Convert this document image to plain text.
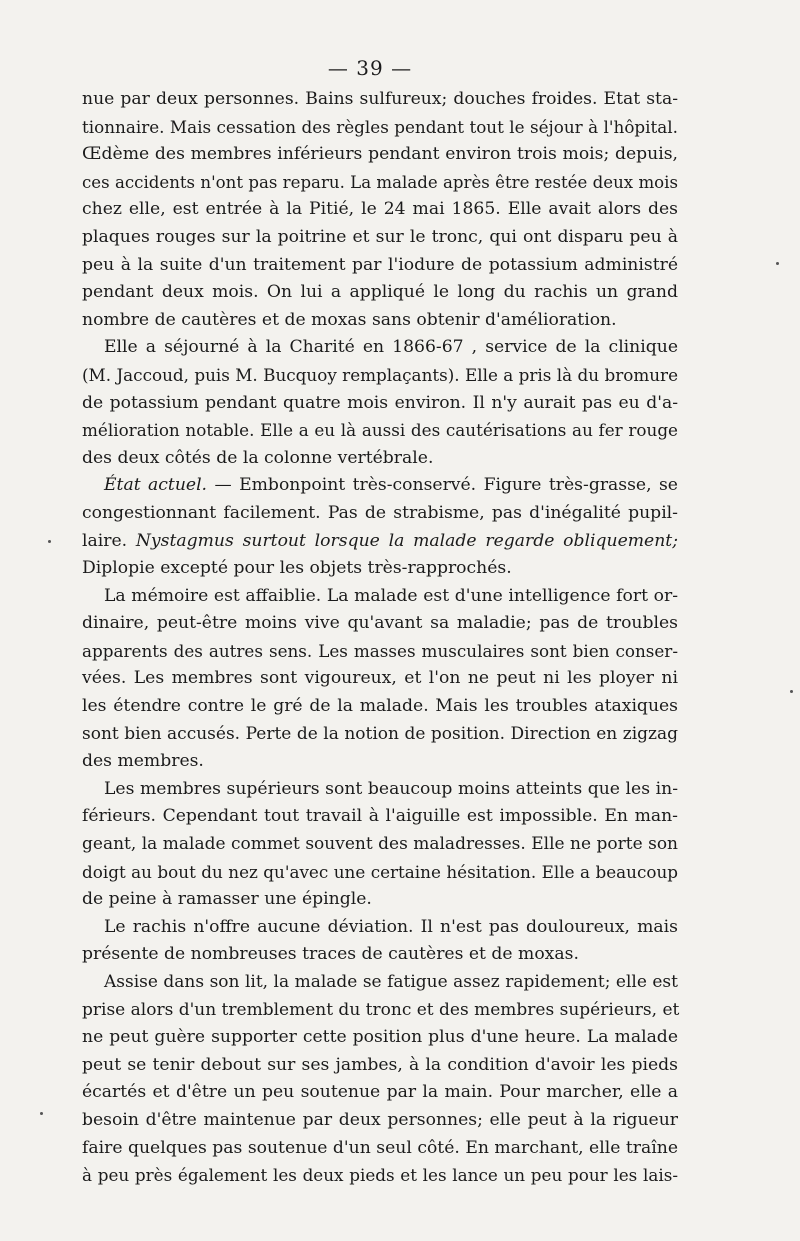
— 39 —
nue par deux personnes. Bains sulfureux; douches froides. Etat sta-
tionnaire. Mais cessation des règles pendant tout le séjour à l'hôpital.
Œdème des membres inférieurs pendant environ trois mois; depuis,
ces accidents n'ont pas reparu. La malade après être restée deux mois
chez elle, est entrée à la Pitié, le 24 mai 1865. Elle avait alors des
plaques rouges sur la poitrine et sur le tronc, qui ont disparu peu à
peu à la suite d'un traitement par l'iodure de potassium administré
pendant deux mois. On lui a appliqué le long du rachis un grand
nombre de cautères et de moxas sans obtenir d'amélioration.
Elle a séjourné à la Charité en 1866-67 , service de la clinique
(M. Jaccoud, puis M. Bucquoy remplaçants). Elle a pris là du bromure
de potassium pendant quatre mois environ. Il n'y aurait pas eu d'a-
mélioration notable. Elle a eu là aussi des cautérisations au fer rouge
des deux côtés de la colonne vertébrale.
État actuel. — Embonpoint très-conservé. Figure très-grasse, se
congestionnant facilement. Pas de strabisme, pas d'inégalité pupil-
laire. Nystagmus surtout lorsque la malade regarde obliquement;
Diplopie excepté pour les objets très-rapprochés.
La mémoire est affaiblie. La malade est d'une intelligence fort or-
dinaire, peut-être moins vive qu'avant sa maladie; pas de troubles
apparents des autres sens. Les masses musculaires sont bien conser-
vées. Les membres sont vigoureux, et l'on ne peut ni les ployer ni
les étendre contre le gré de la malade. Mais les troubles ataxiques
sont bien accusés. Perte de la notion de position. Direction en zigzag
des membres.
Les membres supérieurs sont beaucoup moins atteints que les in-
férieurs. Cependant tout travail à l'aiguille est impossible. En man-
geant, la malade commet souvent des maladresses. Elle ne porte son
doigt au bout du nez qu'avec une certaine hésitation. Elle a beaucoup
de peine à ramasser une épingle.
Le rachis n'offre aucune déviation. Il n'est pas douloureux, mais
présente de nombreuses traces de cautères et de moxas.
Assise dans son lit, la malade se fatigue assez rapidement; elle est
prise alors d'un tremblement du tronc et des membres supérieurs, et
ne peut guère supporter cette position plus d'une heure. La malade
peut se tenir debout sur ses jambes, à la condition d'avoir les pieds
écartés et d'être un peu soutenue par la main. Pour marcher, elle a
besoin d'être maintenue par deux personnes; elle peut à la rigueur
faire quelques pas soutenue d'un seul côté. En marchant, elle traîne
à peu près également les deux pieds et les lance un peu pour les lais-
